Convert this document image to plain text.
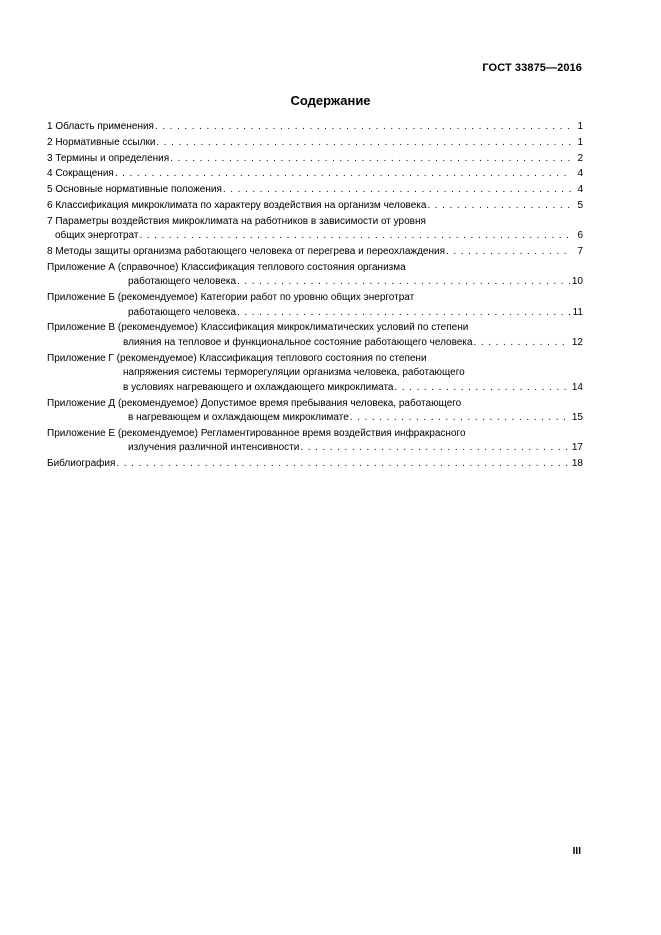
ГОСТ 33875—2016
Содержание
1 Область применения . . .	1
2 Нормативные ссылки . . .	1
3 Термины и определения . . .	2
4 Сокращения . . .	4
5 Основные нормативные положения . . .	4
6 Классификация микроклимата по характеру воздействия на организм человека . . .	5
7 Параметры воздействия микроклимата на работников в зависимости от уровня
общих энерготрат . . .	6
8 Методы защиты организма работающего человека от перегрева и переохлаждения . . .	7
Приложение А (справочное) Классификация теплового состояния организма
работающего человека . . .	10
Приложение Б (рекомендуемое) Категории работ по уровню общих энерготрат
работающего человека . . .	11
Приложение В (рекомендуемое) Классификация микроклиматических условий по степени
влияния на тепловое и функциональное состояние работающего человека . . .	12
Приложение Г (рекомендуемое) Классификация теплового состояния по степени
напряжения системы терморегуляции организма человека, работающего
в условиях нагревающего и охлаждающего микроклимата . . .	14
Приложение Д (рекомендуемое) Допустимое время пребывания человека, работающего
в нагревающем и охлаждающем микроклимате . . .	15
Приложение Е (рекомендуемое) Регламентированное время воздействия инфракрасного
излучения различной интенсивности . . .	17
Библиография . . .	18
III
